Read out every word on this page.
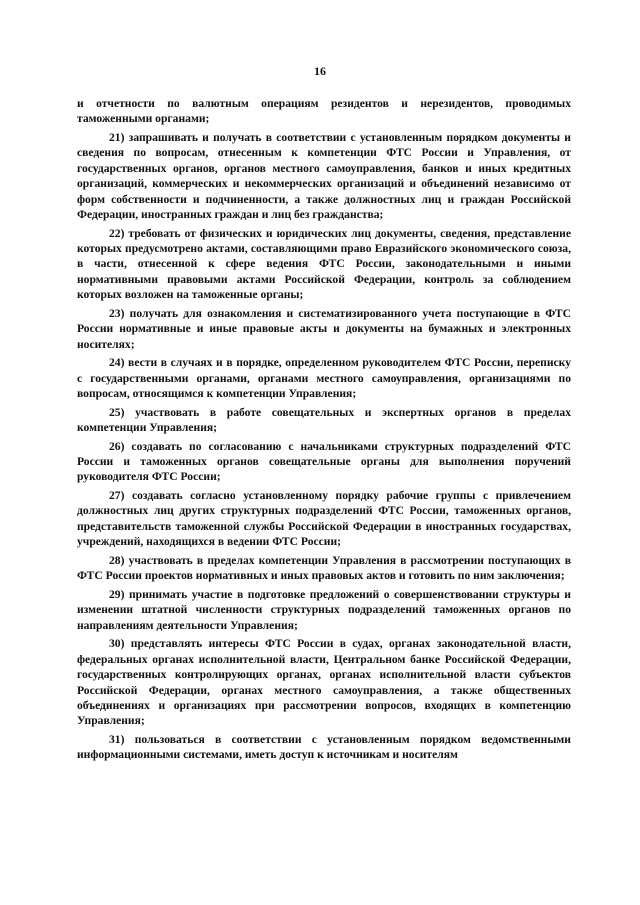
16

и отчетности по валютным операциям резидентов и нерезидентов, проводимых таможенными органами;

21) запрашивать и получать в соответствии с установленным порядком документы и сведения по вопросам, отнесенным к компетенции ФТС России и Управления, от государственных органов, органов местного самоуправления, банков и иных кредитных организаций, коммерческих и некоммерческих организаций и объединений независимо от форм собственности и подчиненности, а также должностных лиц и граждан Российской Федерации, иностранных граждан и лиц без гражданства;

22) требовать от физических и юридических лиц документы, сведения, представление которых предусмотрено актами, составляющими право Евразийского экономического союза, в части, отнесенной к сфере ведения ФТС России, законодательными и иными нормативными правовыми актами Российской Федерации, контроль за соблюдением которых возложен на таможенные органы;

23) получать для ознакомления и систематизированного учета поступающие в ФТС России нормативные и иные правовые акты и документы на бумажных и электронных носителях;

24) вести в случаях и в порядке, определенном руководителем ФТС России, переписку с государственными органами, органами местного самоуправления, организациями по вопросам, относящимся к компетенции Управления;

25) участвовать в работе совещательных и экспертных органов в пределах компетенции Управления;

26) создавать по согласованию с начальниками структурных подразделений ФТС России и таможенных органов совещательные органы для выполнения поручений руководителя ФТС России;

27) создавать согласно установленному порядку рабочие группы с привлечением должностных лиц других структурных подразделений ФТС России, таможенных органов, представительств таможенной службы Российской Федерации в иностранных государствах, учреждений, находящихся в ведении ФТС России;

28) участвовать в пределах компетенции Управления в рассмотрении поступающих в ФТС России проектов нормативных и иных правовых актов и готовить по ним заключения;

29) принимать участие в подготовке предложений о совершенствовании структуры и изменении штатной численности структурных подразделений таможенных органов по направлениям деятельности Управления;

30) представлять интересы ФТС России в судах, органах законодательной власти, федеральных органах исполнительной власти, Центральном банке Российской Федерации, государственных контролирующих органах, органах исполнительной власти субъектов Российской Федерации, органах местного самоуправления, а также общественных объединениях и организациях при рассмотрении вопросов, входящих в компетенцию Управления;

31) пользоваться в соответствии с установленным порядком ведомственными информационными системами, иметь доступ к источникам и носителям
